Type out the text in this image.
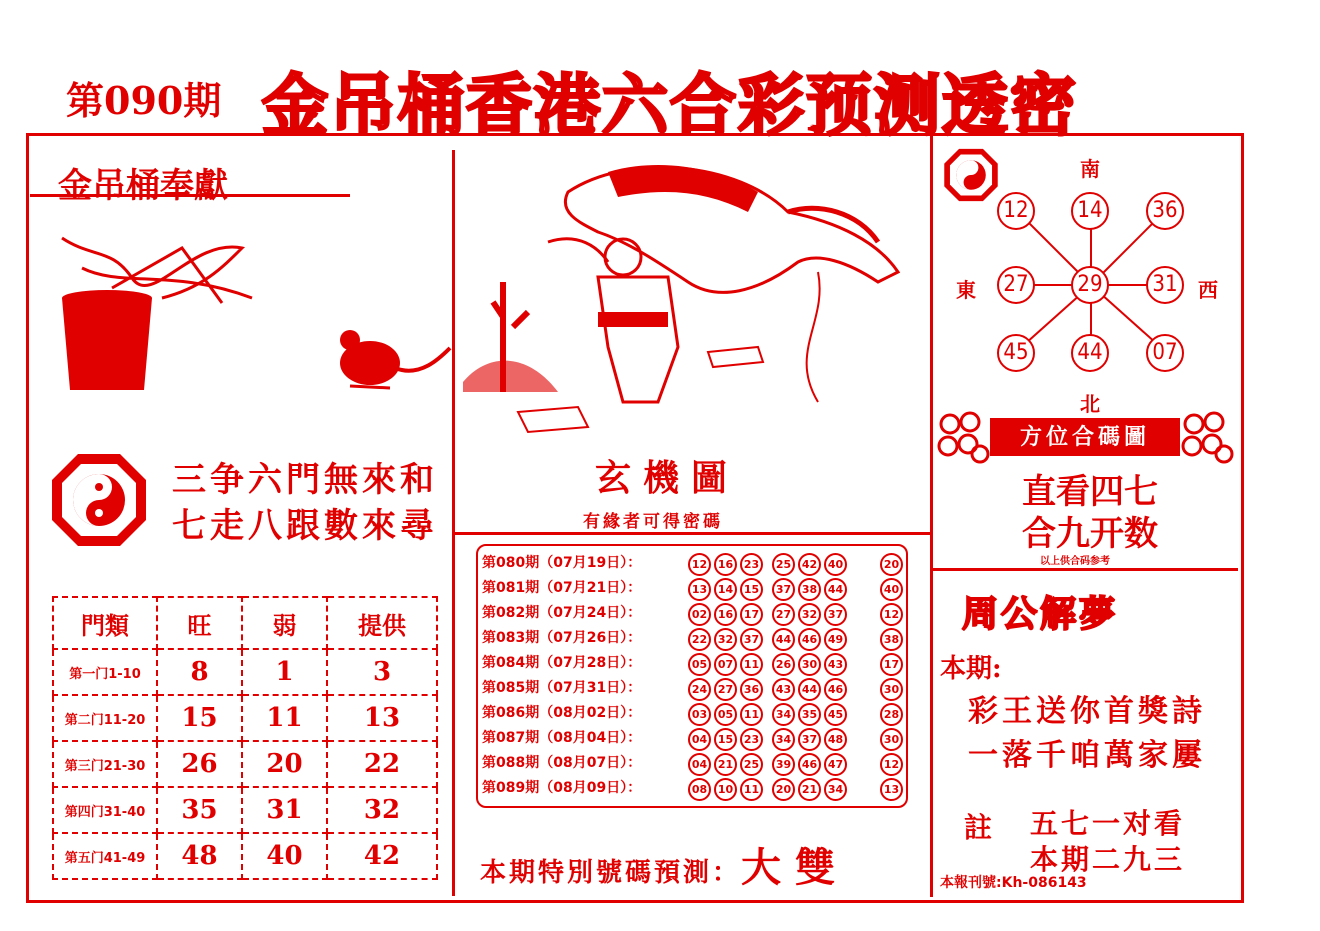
第090期 金吊桶香港六合彩预测透密
金吊桶奉獻
三争六門無來和
七走八跟數來尋
門類	旺	弱	提供
第一门1-10	8	1	3
第二门11-20	15	11	13
第三门21-30	26	20	22
第四门31-40	35	31	32
第五门41-49	48	40	42
玄機圖
有緣者可得密碼
第080期（07月19日）：	12 16 23	25 42 40	20
第081期（07月21日）：	13 14 15	37 38 44	40
第082期（07月24日）：	02 16 17	27 32 37	12
第083期（07月26日）：	22 32 37	44 46 49	38
第084期（07月28日）：	05 07 11	26 30 43	17
第085期（07月31日）：	24 27 36	43 44 46	30
第086期（08月02日）：	03 05 11	34 35 45	28
第087期（08月04日）：	04 15 23	34 37 48	30
第088期（08月07日）：	04 21 25	39 46 47	12
第089期（08月09日）：	08 10 11	20 21 34	13
本期特別號碼預測：大雙
南
北
東	西
12 14 36
27 29 31
45 44 07
方位合碼圖
直看四七
合九开数
以上供合码参考
周公解夢
本期:
彩王送你首獎詩
一落千咱萬家屢
註 五七一对看
本期二九三
本報刊號:Kh-086143
